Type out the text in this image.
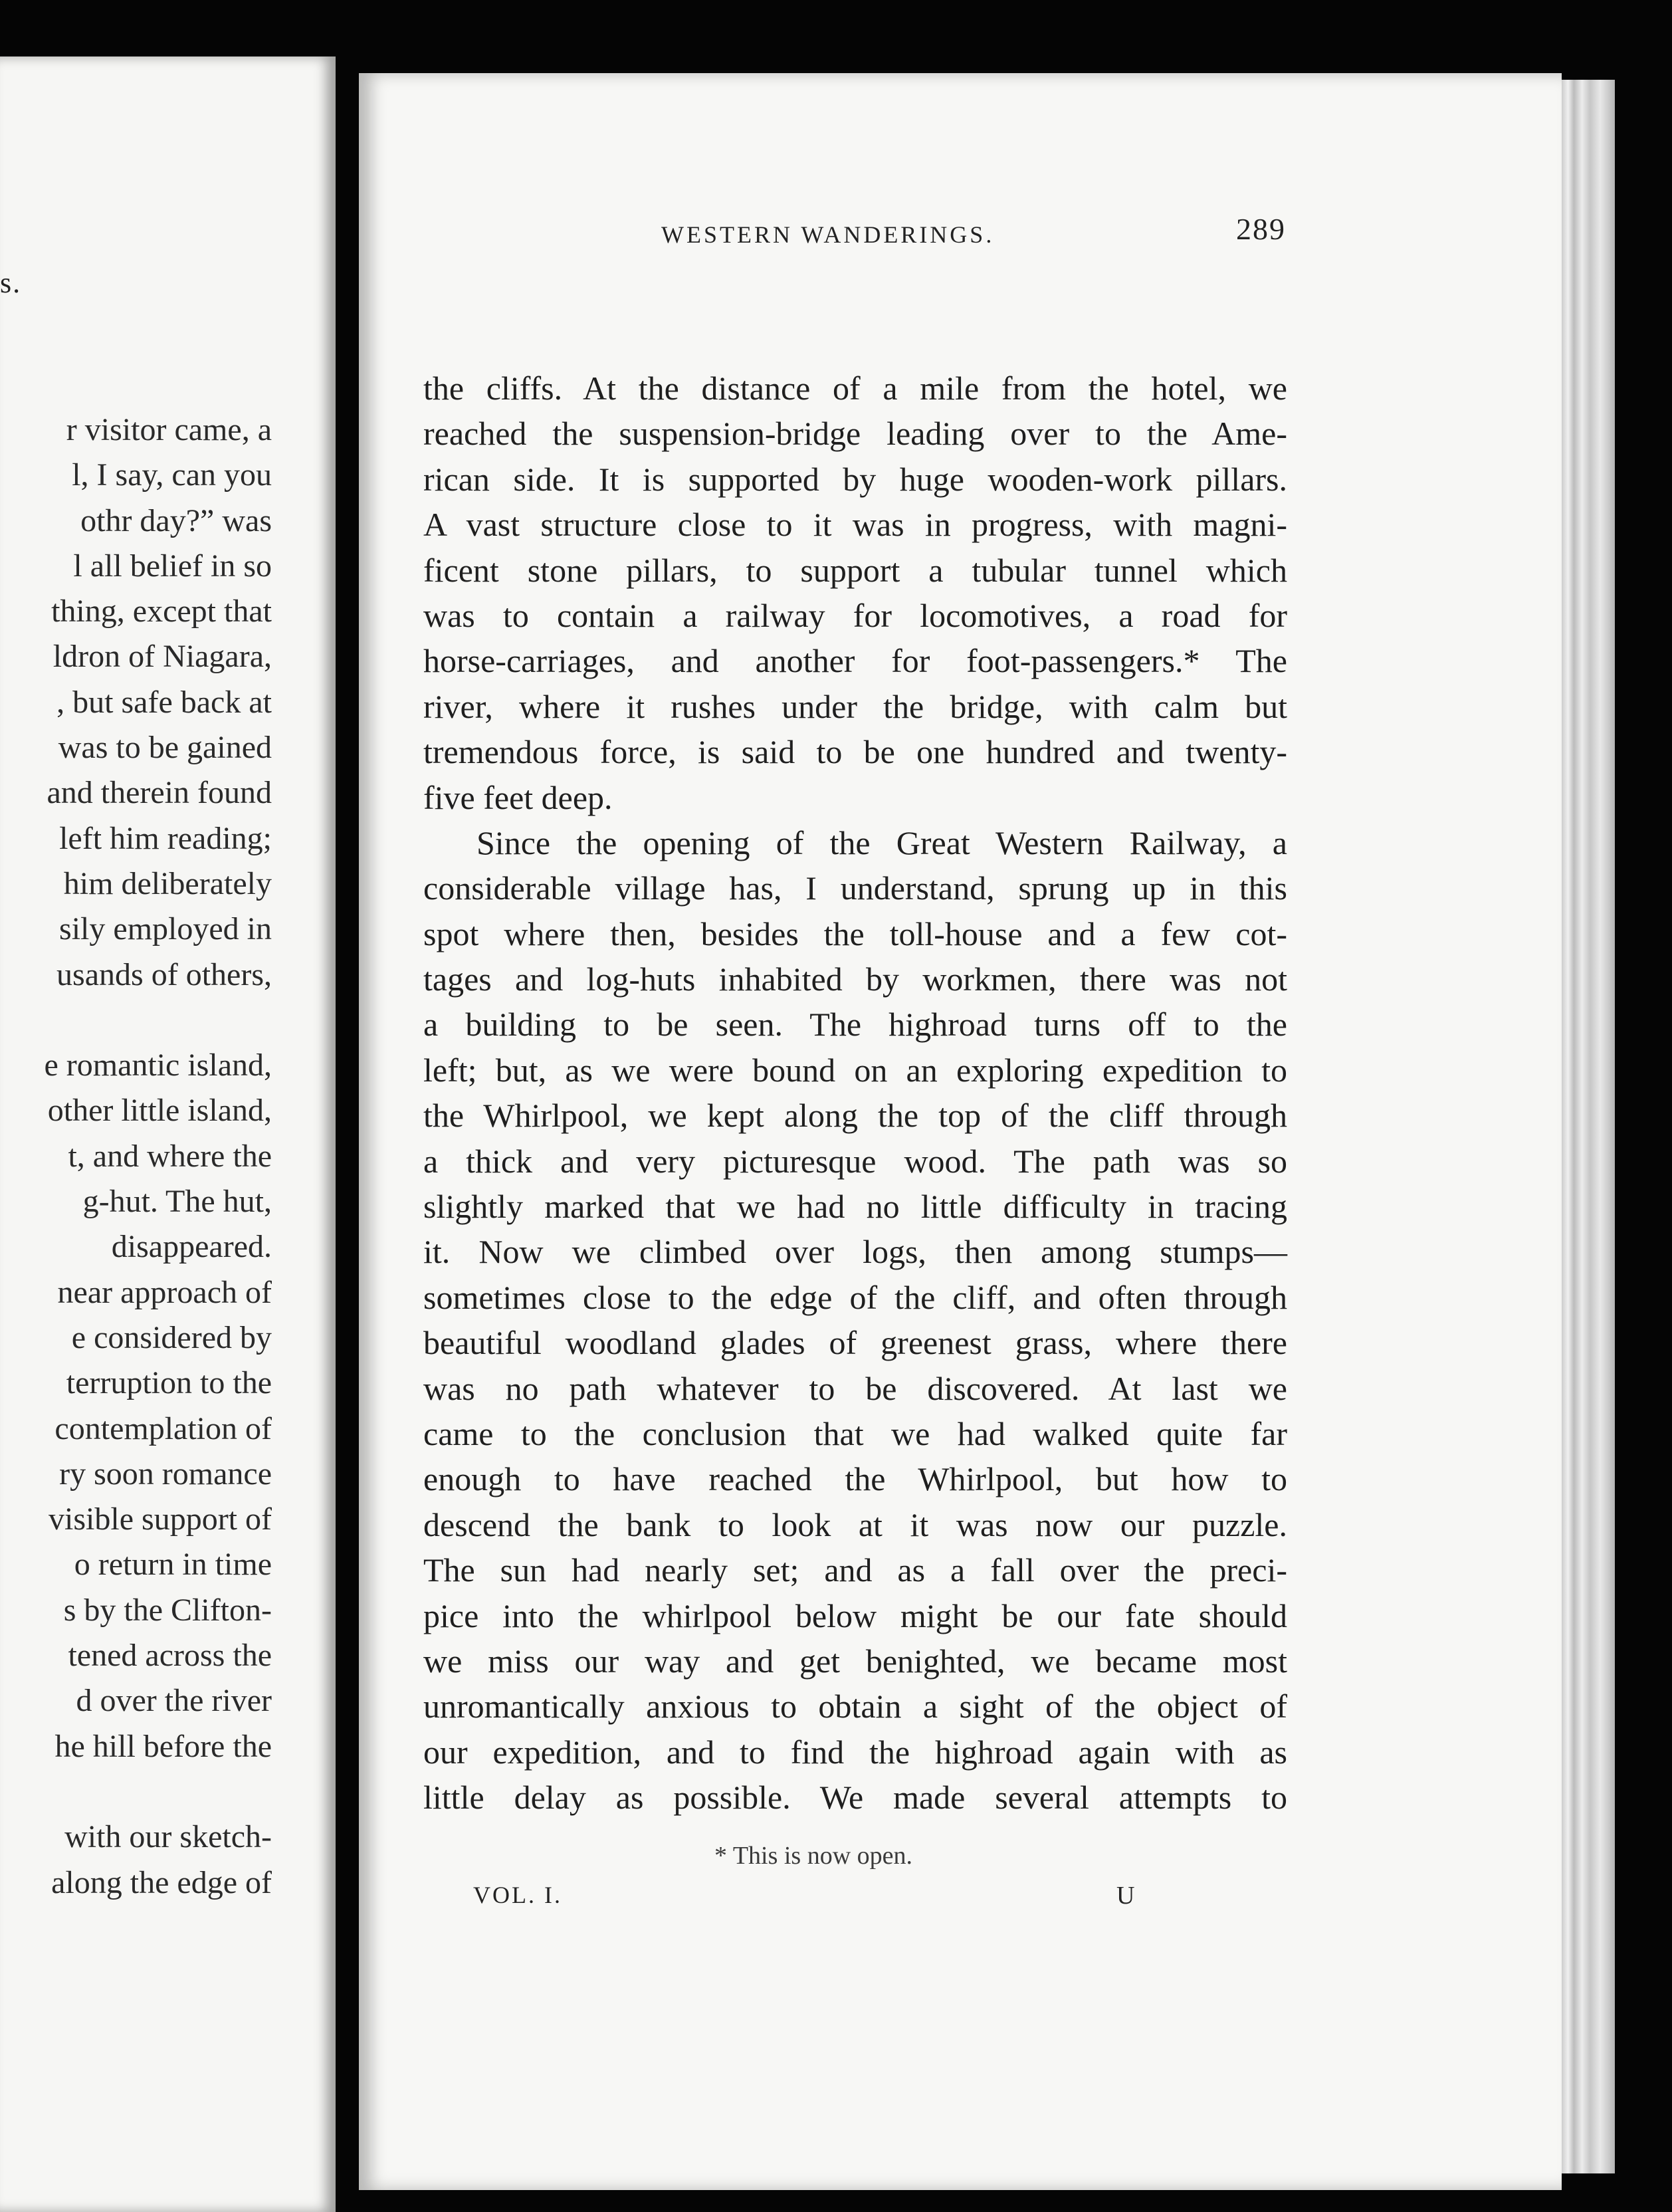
s.
r visitor came, a
l, I say, can you
othr day?” was
l all belief in so
thing, except that
ldron of Niagara,
, but safe back at
was to be gained
and therein found
left him reading;
him deliberately
sily employed in
usands of others,

e romantic island,
other little island,
t, and where the
g-hut. The hut,
disappeared.
near approach of
e considered by
terruption to the
contemplation of
ry soon romance
visible support of
o return in time
s by the Clifton-
tened across the
d over the river
he hill before the

with our sketch-
along the edge of
WESTERN WANDERINGS.	289
the cliffs. At the distance of a mile from the hotel, we
reached the suspension-bridge leading over to the Ame-
rican side. It is supported by huge wooden-work pillars.
A vast structure close to it was in progress, with magni-
ficent stone pillars, to support a tubular tunnel which
was to contain a railway for locomotives, a road for
horse-carriages, and another for foot-passengers.* The
river, where it rushes under the bridge, with calm but
tremendous force, is said to be one hundred and twenty-
five feet deep.
Since the opening of the Great Western Railway, a
considerable village has, I understand, sprung up in this
spot where then, besides the toll-house and a few cot-
tages and log-huts inhabited by workmen, there was not
a building to be seen. The highroad turns off to the
left; but, as we were bound on an exploring expedition to
the Whirlpool, we kept along the top of the cliff through
a thick and very picturesque wood. The path was so
slightly marked that we had no little difficulty in tracing
it. Now we climbed over logs, then among stumps—
sometimes close to the edge of the cliff, and often through
beautiful woodland glades of greenest grass, where there
was no path whatever to be discovered. At last we
came to the conclusion that we had walked quite far
enough to have reached the Whirlpool, but how to
descend the bank to look at it was now our puzzle.
The sun had nearly set; and as a fall over the preci-
pice into the whirlpool below might be our fate should
we miss our way and get benighted, we became most
unromantically anxious to obtain a sight of the object of
our expedition, and to find the highroad again with as
little delay as possible. We made several attempts to
* This is now open.
VOL. I.	U
